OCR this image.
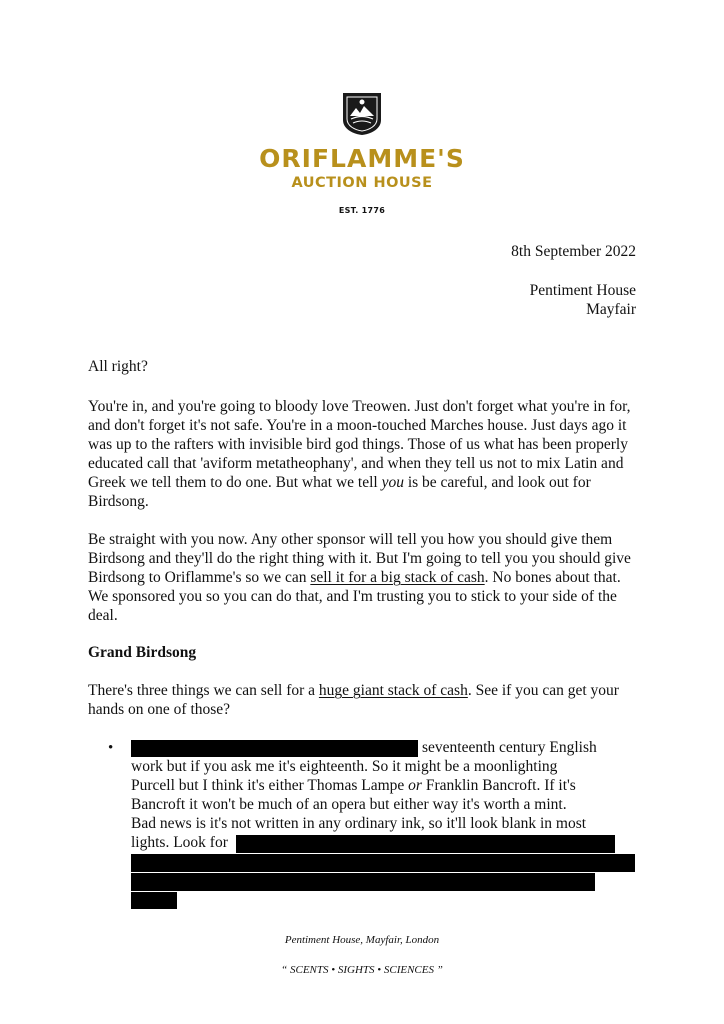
ORIFLAMME'S
AUCTION HOUSE
EST. 1776
8th September 2022
Pentiment House
Mayfair

All right?

You're in, and you're going to bloody love Treowen. Just don't forget what you're in for, and don't forget it's not safe. You're in a moon-touched Marches house. Just days ago it was up to the rafters with invisible bird god things. Those of us what has been properly educated call that 'aviform metatheophany', and when they tell us not to mix Latin and Greek we tell them to do one. But what we tell you is be careful, and look out for Birdsong.

Be straight with you now. Any other sponsor will tell you how you should give them Birdsong and they'll do the right thing with it. But I'm going to tell you you should give Birdsong to Oriflamme's so we can sell it for a big stack of cash. No bones about that. We sponsored you so you can do that, and I'm trusting you to stick to your side of the deal.

Grand Birdsong

There's three things we can sell for a huge giant stack of cash. See if you can get your hands on one of those?

•	seventeenth century English
work but if you ask me it's eighteenth. So it might be a moonlighting
Purcell but I think it's either Thomas Lampe or Franklin Bancroft. If it's
Bancroft it won't be much of an opera but either way it's worth a mint.
Bad news is it's not written in any ordinary ink, so it'll look blank in most
lights. Look for
Pentiment House, Mayfair, London
“ SCENTS • SIGHTS • SCIENCES ”
